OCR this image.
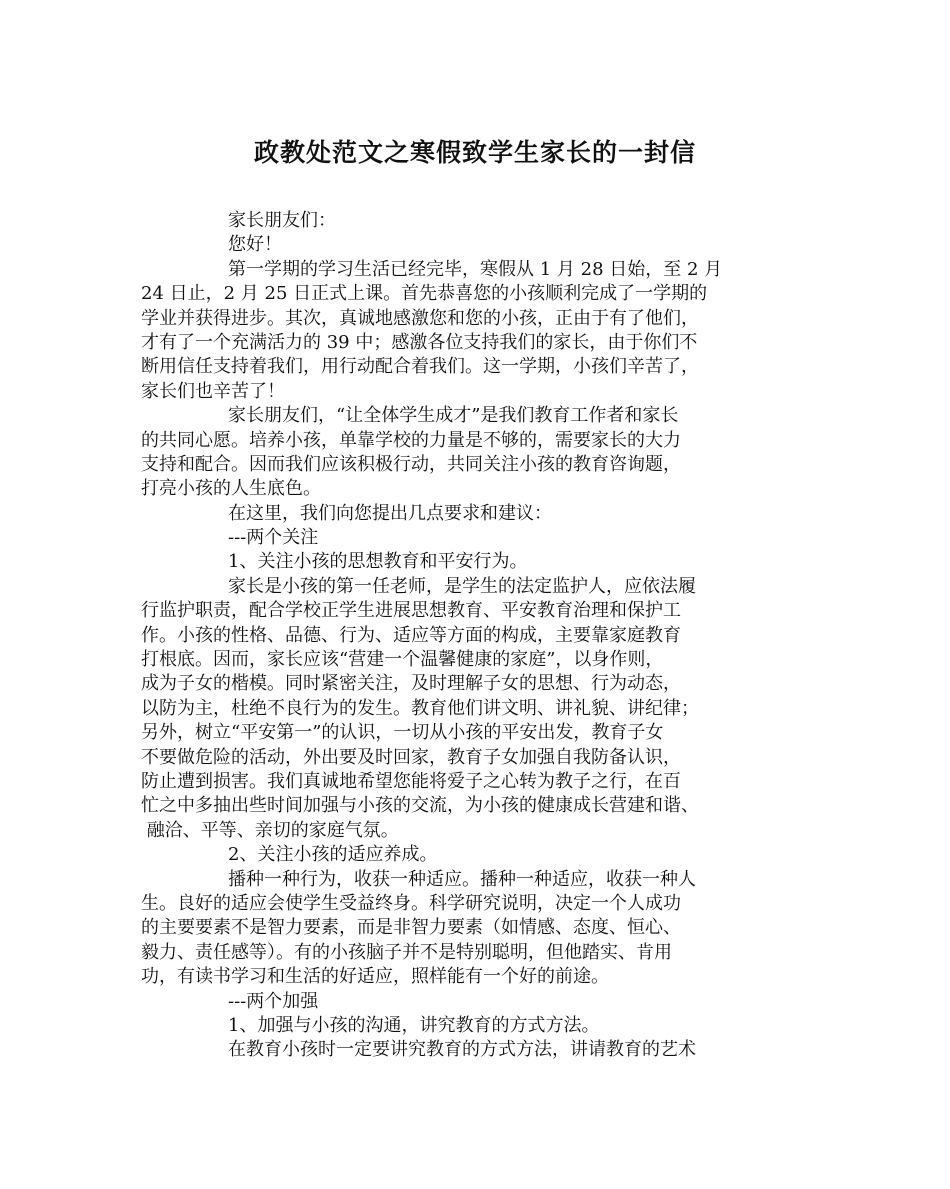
政教处范文之寒假致学生家长的一封信
家长朋友们：
您好！
第一学期的学习生活已经完毕，寒假从 1 月 28 日始，至 2 月
24 日止，2 月 25 日正式上课。首先恭喜您的小孩顺利完成了一学期的
学业并获得进步。其次，真诚地感激您和您的小孩，正由于有了他们，
才有了一个充满活力的 39 中；感激各位支持我们的家长，由于你们不
断用信任支持着我们，用行动配合着我们。这一学期，小孩们辛苦了，
家长们也辛苦了！
家长朋友们，“让全体学生成才”是我们教育工作者和家长
的共同心愿。培养小孩，单靠学校的力量是不够的，需要家长的大力
支持和配合。因而我们应该积极行动，共同关注小孩的教育咨询题，
打亮小孩的人生底色。
在这里，我们向您提出几点要求和建议：
---两个关注
1、关注小孩的思想教育和平安行为。
家长是小孩的第一任老师，是学生的法定监护人，应依法履
行监护职责，配合学校正学生进展思想教育、平安教育治理和保护工
作。小孩的性格、品德、行为、适应等方面的构成，主要靠家庭教育
打根底。因而，家长应该“营建一个温馨健康的家庭”，以身作则，
成为子女的楷模。同时紧密关注，及时理解子女的思想、行为动态，
以防为主，杜绝不良行为的发生。教育他们讲文明、讲礼貌、讲纪律；
另外，树立“平安第一”的认识，一切从小孩的平安出发，教育子女
不要做危险的活动，外出要及时回家，教育子女加强自我防备认识，
防止遭到损害。我们真诚地希望您能将爱子之心转为教子之行，在百
忙之中多抽出些时间加强与小孩的交流，为小孩的健康成长营建和谐、
融洽、平等、亲切的家庭气氛。
2、关注小孩的适应养成。
播种一种行为，收获一种适应。播种一种适应，收获一种人
生。良好的适应会使学生受益终身。科学研究说明，决定一个人成功
的主要要素不是智力要素，而是非智力要素（如情感、态度、恒心、
毅力、责任感等）。有的小孩脑子并不是特别聪明，但他踏实、肯用
功，有读书学习和生活的好适应，照样能有一个好的前途。
---两个加强
1、加强与小孩的沟通，讲究教育的方式方法。
在教育小孩时一定要讲究教育的方式方法，讲请教育的艺术
